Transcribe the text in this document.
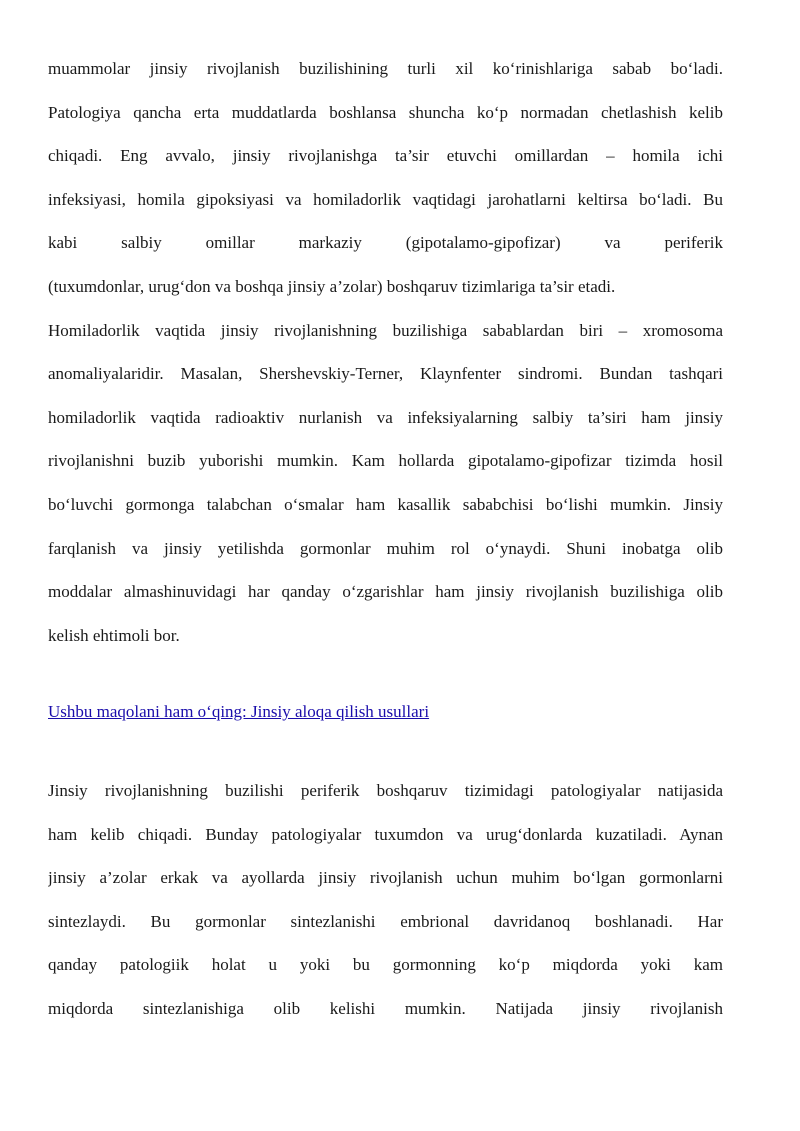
muammolar jinsiy rivojlanish buzilishining turli xil ko‘rinishlariga sabab bo‘ladi.
Patologiya qancha erta muddatlarda boshlansa shuncha ko‘p normadan chetlashish kelib
chiqadi. Eng avvalo, jinsiy rivojlanishga ta’sir etuvchi omillardan – homila ichi
infeksiyasi, homila gipoksiyasi va homiladorlik vaqtidagi jarohatlarni keltirsa bo‘ladi. Bu
kabi salbiy omillar markaziy (gipotalamo-gipofizar) va periferik
(tuxumdonlar, urug‘don va boshqa jinsiy a’zolar) boshqaruv tizimlariga ta’sir etadi.
Homiladorlik vaqtida jinsiy rivojlanishning buzilishiga sabablardan biri – xromosoma
anomaliyalaridir. Masalan, Shershevskiy-Terner, Klaynfenter sindromi. Bundan tashqari
homiladorlik vaqtida radioaktiv nurlanish va infeksiyalarning salbiy ta’siri ham jinsiy
rivojlanishni buzib yuborishi mumkin. Kam hollarda gipotalamo-gipofizar tizimda hosil
bo‘luvchi gormonga talabchan o‘smalar ham kasallik sababchisi bo‘lishi mumkin. Jinsiy
farqlanish va jinsiy yetilishda gormonlar muhim rol o‘ynaydi. Shuni inobatga olib
moddalar almashinuvidagi har qanday o‘zgarishlar ham jinsiy rivojlanish buzilishiga olib
kelish ehtimoli bor.
Ushbu maqolani ham o‘qing: Jinsiy aloqa qilish usullari
Jinsiy rivojlanishning buzilishi periferik boshqaruv tizimidagi patologiyalar natijasida
ham kelib chiqadi. Bunday patologiyalar tuxumdon va urug‘donlarda kuzatiladi. Aynan
jinsiy a’zolar erkak va ayollarda jinsiy rivojlanish uchun muhim bo‘lgan gormonlarni
sintezlaydi. Bu gormonlar sintezlanishi embrional davridanoq boshlanadi. Har
qanday patologiik holat u yoki bu gormonning ko‘p miqdorda yoki kam
miqdorda sintezlanishiga olib kelishi mumkin. Natijada jinsiy rivojlanish
